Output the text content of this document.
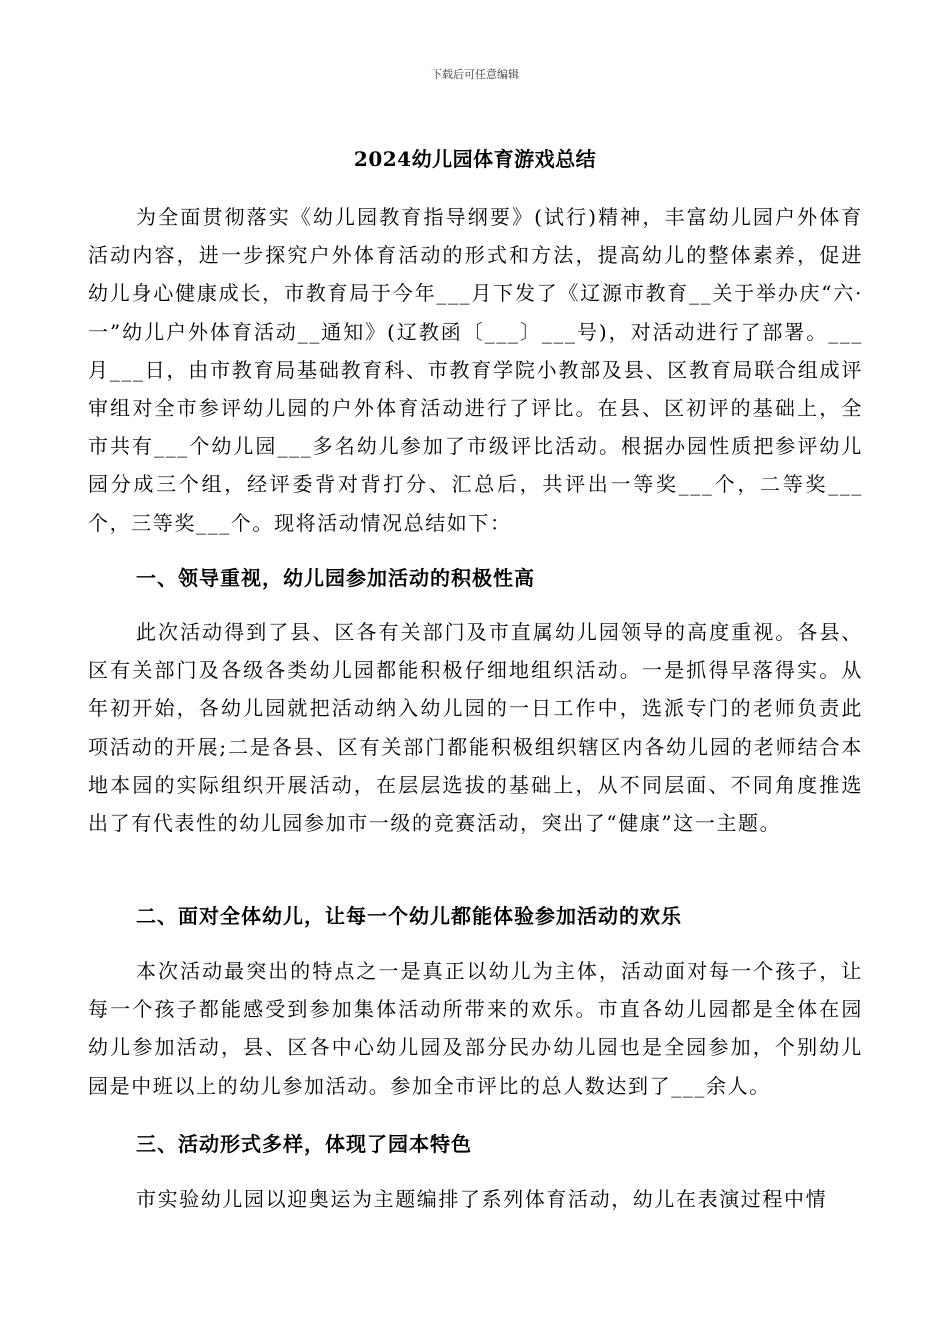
下载后可任意编辑
2024幼儿园体育游戏总结

为全面贯彻落实《幼儿园教育指导纲要》(试行)精神，丰富幼儿园户外体育活动内容，进一步探究户外体育活动的形式和方法，提高幼儿的整体素养，促进幼儿身心健康成长，市教育局于今年___月下发了《辽源市教育__关于举办庆“六·一”幼儿户外体育活动__通知》(辽教函〔___〕___号)，对活动进行了部署。___月___日，由市教育局基础教育科、市教育学院小教部及县、区教育局联合组成评审组对全市参评幼儿园的户外体育活动进行了评比。在县、区初评的基础上，全市共有___个幼儿园___多名幼儿参加了市级评比活动。根据办园性质把参评幼儿园分成三个组，经评委背对背打分、汇总后，共评出一等奖___个，二等奖___个，三等奖___个。现将活动情况总结如下：

一、领导重视，幼儿园参加活动的积极性高

此次活动得到了县、区各有关部门及市直属幼儿园领导的高度重视。各县、区有关部门及各级各类幼儿园都能积极仔细地组织活动。一是抓得早落得实。从年初开始，各幼儿园就把活动纳入幼儿园的一日工作中，选派专门的老师负责此项活动的开展;二是各县、区有关部门都能积极组织辖区内各幼儿园的老师结合本地本园的实际组织开展活动，在层层选拔的基础上，从不同层面、不同角度推选出了有代表性的幼儿园参加市一级的竞赛活动，突出了“健康”这一主题。

二、面对全体幼儿，让每一个幼儿都能体验参加活动的欢乐

本次活动最突出的特点之一是真正以幼儿为主体，活动面对每一个孩子，让每一个孩子都能感受到参加集体活动所带来的欢乐。市直各幼儿园都是全体在园幼儿参加活动，县、区各中心幼儿园及部分民办幼儿园也是全园参加，个别幼儿园是中班以上的幼儿参加活动。参加全市评比的总人数达到了___余人。

三、活动形式多样，体现了园本特色

市实验幼儿园以迎奥运为主题编排了系列体育活动，幼儿在表演过程中情
